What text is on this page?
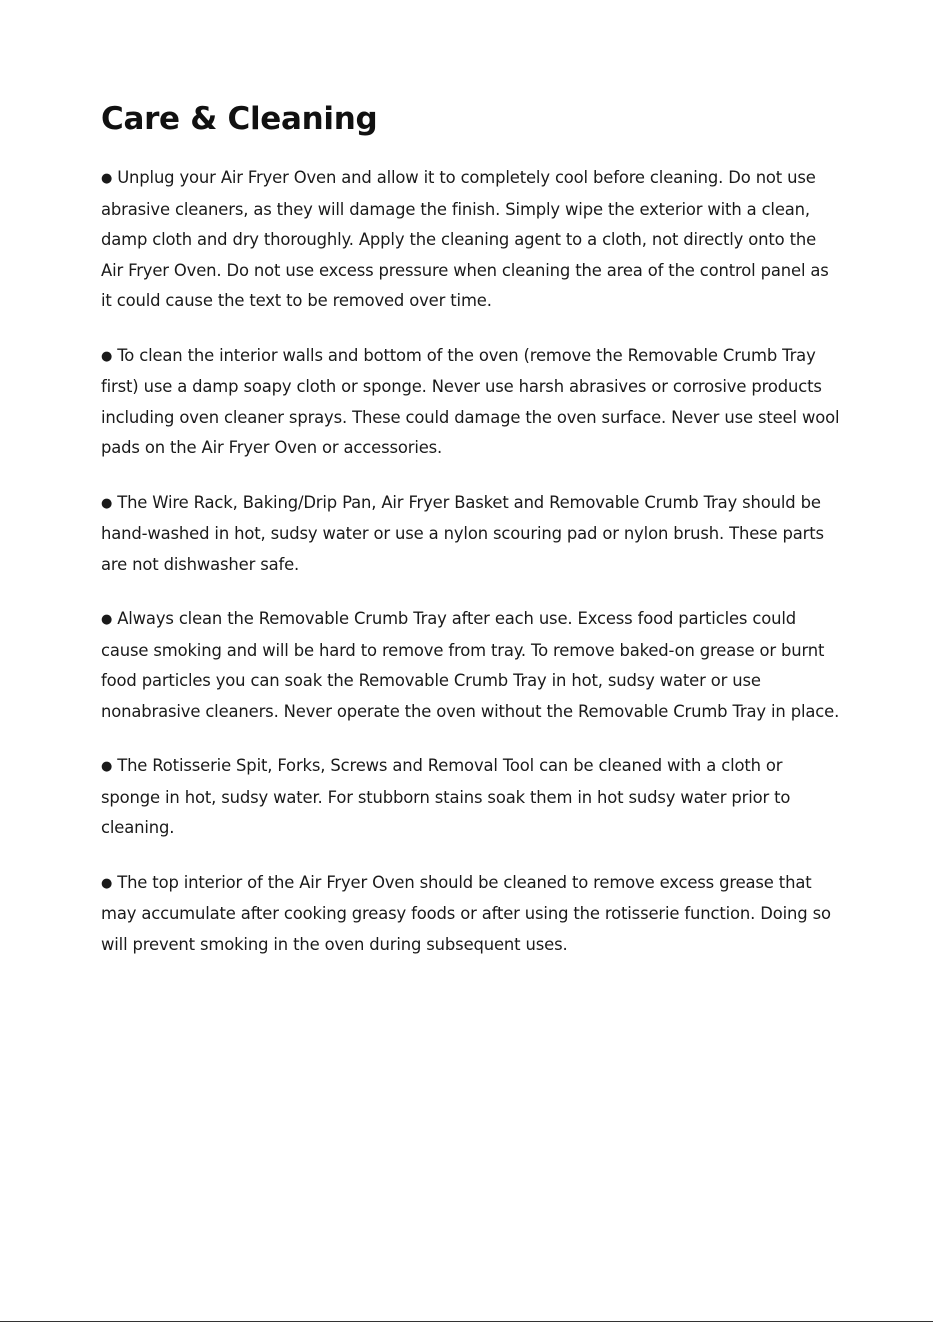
Care & Cleaning

● Unplug your Air Fryer Oven and allow it to completely cool before cleaning. Do not use abrasive cleaners, as they will damage the finish. Simply wipe the exterior with a clean, damp cloth and dry thoroughly. Apply the cleaning agent to a cloth, not directly onto the Air Fryer Oven. Do not use excess pressure when cleaning the area of the control panel as it could cause the text to be removed over time.

● To clean the interior walls and bottom of the oven (remove the Removable Crumb Tray first) use a damp soapy cloth or sponge. Never use harsh abrasives or corrosive products including oven cleaner sprays. These could damage the oven surface. Never use steel wool pads on the Air Fryer Oven or accessories.

● The Wire Rack, Baking/Drip Pan, Air Fryer Basket and Removable Crumb Tray should be hand-washed in hot, sudsy water or use a nylon scouring pad or nylon brush. These parts are not dishwasher safe.

● Always clean the Removable Crumb Tray after each use. Excess food particles could cause smoking and will be hard to remove from tray. To remove baked-on grease or burnt food particles you can soak the Removable Crumb Tray in hot, sudsy water or use nonabrasive cleaners. Never operate the oven without the Removable Crumb Tray in place.

● The Rotisserie Spit, Forks, Screws and Removal Tool can be cleaned with a cloth or sponge in hot, sudsy water. For stubborn stains soak them in hot sudsy water prior to cleaning.

● The top interior of the Air Fryer Oven should be cleaned to remove excess grease that may accumulate after cooking greasy foods or after using the rotisserie function. Doing so will prevent smoking in the oven during subsequent uses.
